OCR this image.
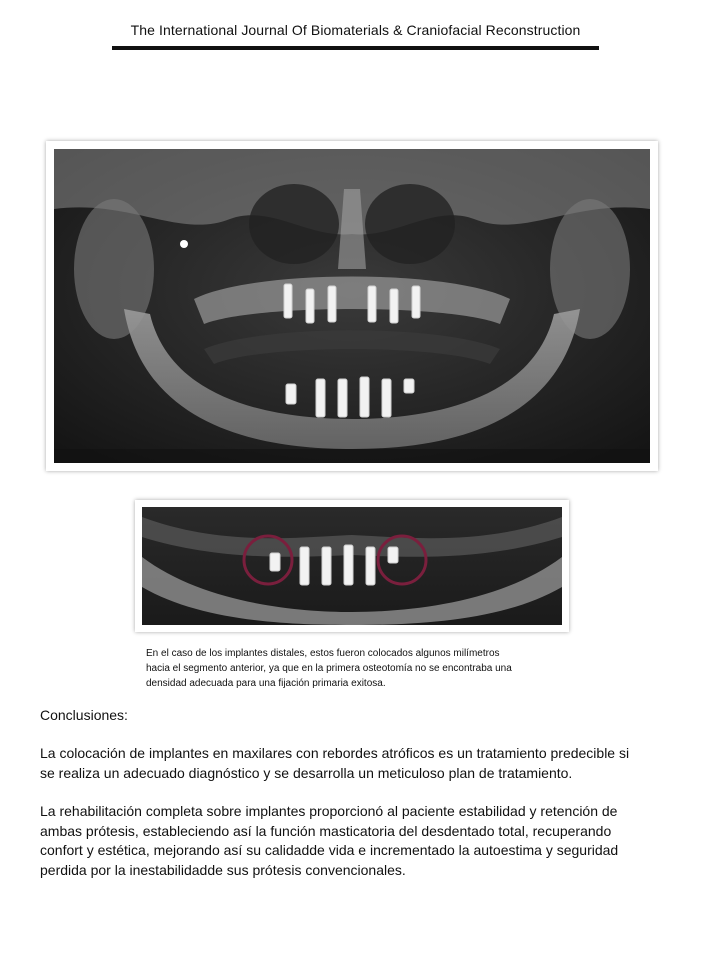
The International Journal Of Biomaterials & Craniofacial Reconstruction
En el caso de los implantes distales, estos fueron colocados algunos milímetros
hacia el segmento anterior, ya que en la primera osteotomía no se encontraba una
densidad adecuada para una fijación primaria exitosa.
Conclusiones:
La colocación de implantes en maxilares con rebordes atróficos es un tratamiento predecible si
se realiza un adecuado diagnóstico y se desarrolla un meticuloso plan de tratamiento.
La rehabilitación completa sobre implantes proporcionó al paciente estabilidad y retención de
ambas prótesis, estableciendo así la función masticatoria del desdentado total, recuperando
confort y estética, mejorando así su calidadde vida e incrementado la autoestima y seguridad
perdida por la inestabilidadde sus prótesis convencionales.
